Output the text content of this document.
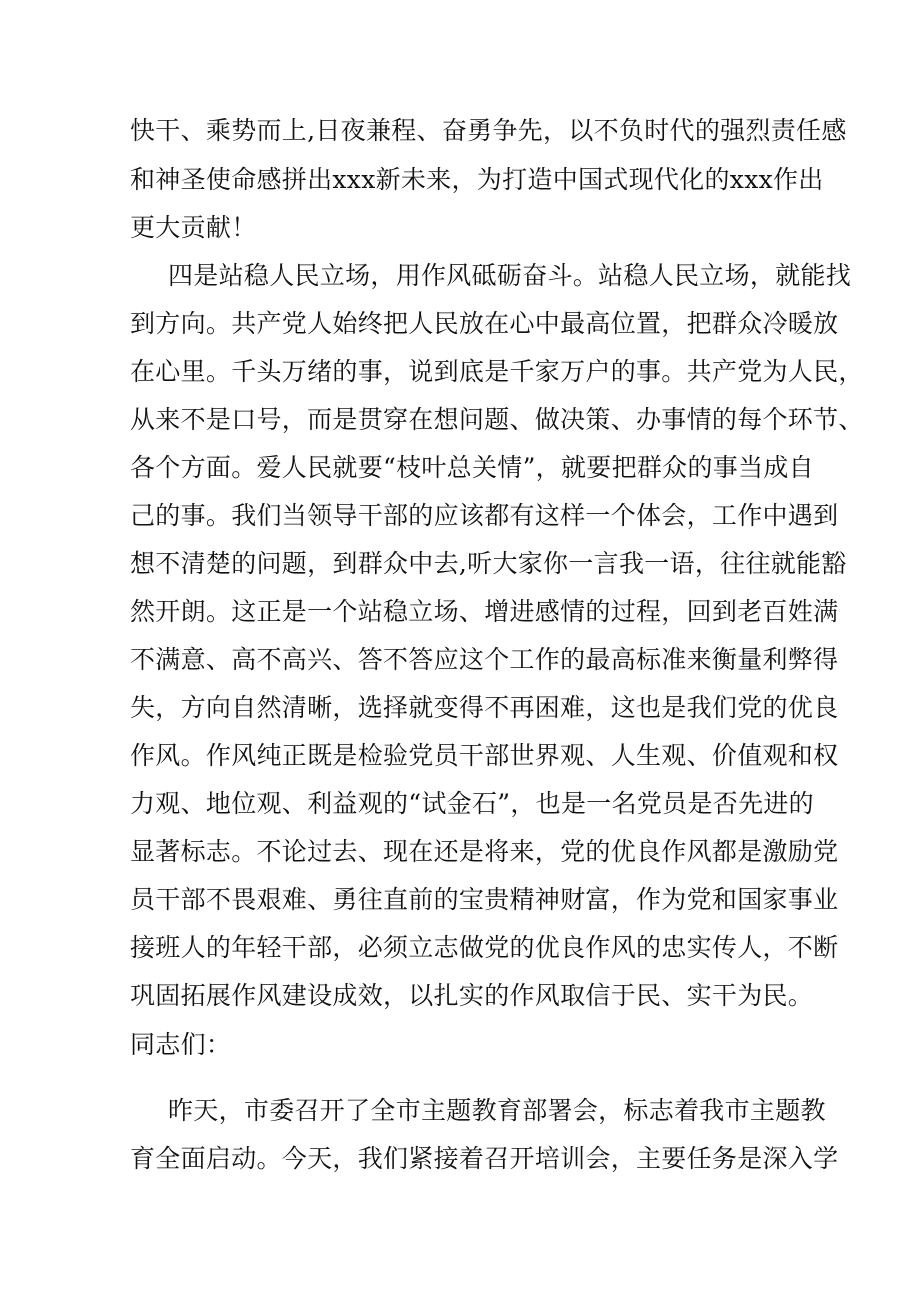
快干、乘势而上,日夜兼程、奋勇争先，以不负时代的强烈责任感
和神圣使命感拼出xxx新未来，为打造中国式现代化的xxx作出
更大贡献！
四是站稳人民立场，用作风砥砺奋斗。站稳人民立场，就能找
到方向。共产党人始终把人民放在心中最高位置，把群众冷暖放
在心里。千头万绪的事，说到底是千家万户的事。共产党为人民，
从来不是口号，而是贯穿在想问题、做决策、办事情的每个环节、
各个方面。爱人民就要“枝叶总关情”，就要把群众的事当成自
己的事。我们当领导干部的应该都有这样一个体会，工作中遇到
想不清楚的问题，到群众中去,听大家你一言我一语，往往就能豁
然开朗。这正是一个站稳立场、增进感情的过程，回到老百姓满
不满意、高不高兴、答不答应这个工作的最高标准来衡量利弊得
失，方向自然清晰，选择就变得不再困难，这也是我们党的优良
作风。作风纯正既是检验党员干部世界观、人生观、价值观和权
力观、地位观、利益观的“试金石”，也是一名党员是否先进的
显著标志。不论过去、现在还是将来，党的优良作风都是激励党
员干部不畏艰难、勇往直前的宝贵精神财富，作为党和国家事业
接班人的年轻干部，必须立志做党的优良作风的忠实传人，不断
巩固拓展作风建设成效，以扎实的作风取信于民、实干为民。
同志们：
昨天，市委召开了全市主题教育部署会，标志着我市主题教
育全面启动。今天，我们紧接着召开培训会，主要任务是深入学
